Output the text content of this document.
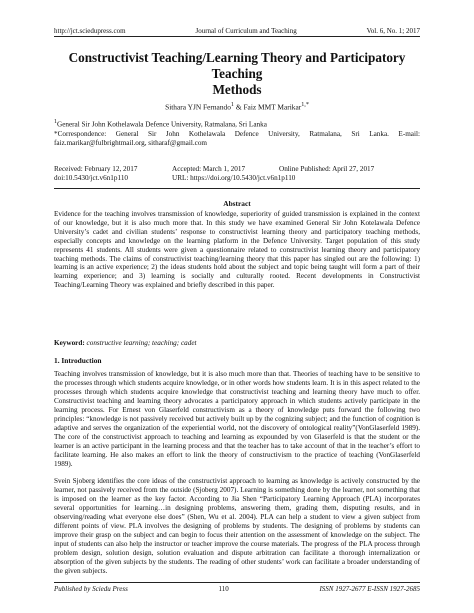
http://jct.sciedupress.com	Journal of Curriculum and Teaching	Vol. 6, No. 1; 2017
Constructivist Teaching/Learning Theory and Participatory Teaching
Methods
Sithara YJN Fernando$^1$ & Faiz MMT Marikar$^{1,*}$
$^1$General Sir John Kothelawala Defence University, Ratmalana, Sri Lanka
*Correspondence: General Sir John Kothelawala Defence University, Ratmalana, Sri Lanka. E-mail: faiz.marikar@fulbrightmail.org, sitharaf@gmail.com
Received: February 12, 2017	Accepted: March 1, 2017	Online Published: April 27, 2017
doi:10.5430/jct.v6n1p110	URL: https://doi.org/10.5430/jct.v6n1p110
Abstract
Evidence for the teaching involves transmission of knowledge, superiority of guided transmission is explained in the context of our knowledge, but it is also much more that. In this study we have examined General Sir John Kotelawala Defence University’s cadet and civilian students’ response to constructivist learning theory and participatory teaching methods, especially concepts and knowledge on the learning platform in the Defence University. Target population of this study represents 41 students. All students were given a questionnaire related to constructivist learning theory and participatory teaching methods. The claims of constructivist teaching/learning theory that this paper has singled out are the following: 1) learning is an active experience; 2) the ideas students hold about the subject and topic being taught will form a part of their learning experience; and 3) learning is socially and culturally rooted. Recent developments in Constructivist Teaching/Learning Theory was explained and briefly described in this paper.
Keyword: constructive learning; teaching; cadet
1. Introduction
Teaching involves transmission of knowledge, but it is also much more than that. Theories of teaching have to be sensitive to the processes through which students acquire knowledge, or in other words how students learn. It is in this aspect related to the processes through which students acquire knowledge that constructivist teaching and learning theory have much to offer. Constructivist teaching and learning theory advocates a participatory approach in which students actively participate in the learning process. For Ernest von Glaserfeld constructivism as a theory of knowledge puts forward the following two principles: “knowledge is not passively received but actively built up by the cognizing subject; and the function of cognition is adaptive and serves the organization of the experiential world, not the discovery of ontological reality”(VonGlaserfeld 1989). The core of the constructivist approach to teaching and learning as expounded by von Glaserfeld is that the student or the learner is an active participant in the learning process and that the teacher has to take account of that in the teacher’s effort to facilitate learning. He also makes an effort to link the theory of constructivism to the practice of teaching (VonGlaserfeld 1989).
Svein Sjoberg identifies the core ideas of the constructivist approach to learning as knowledge is actively constructed by the learner, not passively received from the outside (Sjoberg 2007). Learning is something done by the learner, not something that is imposed on the learner as the key factor. According to Jia Shen “Participatory Learning Approach (PLA) incorporates several opportunities for learning…in designing problems, answering them, grading them, disputing results, and in observing/reading what everyone else does” (Shen, Wu et al. 2004). PLA can help a student to view a given subject from different points of view. PLA involves the designing of problems by students. The designing of problems by students can improve their grasp on the subject and can begin to focus their attention on the assessment of knowledge on the subject. The input of students can also help the instructor or teacher improve the course materials. The progress of the PLA process through problem design, solution design, solution evaluation and dispute arbitration can facilitate a thorough internalization or absorption of the given subjects by the students. The reading of other students’ work can facilitate a broader understanding of the given subjects.
Published by Sciedu Press	110	ISSN 1927-2677 E-ISSN 1927-2685
